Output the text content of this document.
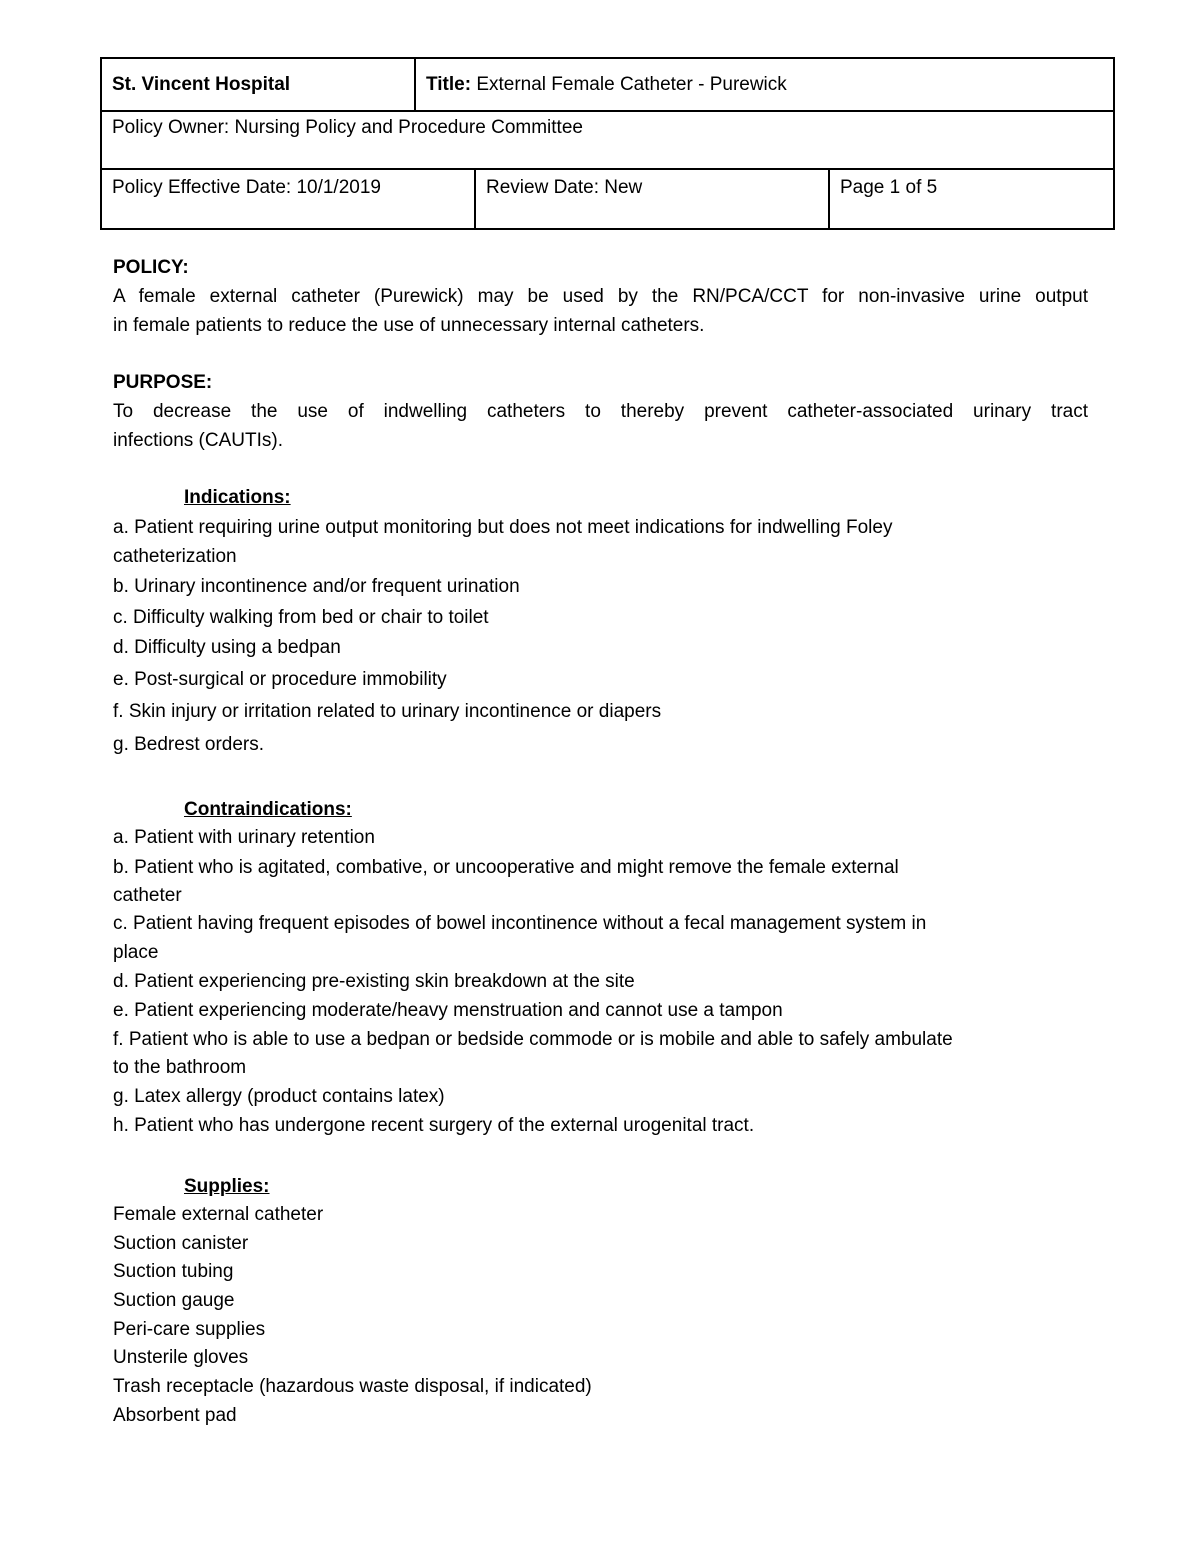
St. Vincent Hospital	Title: External Female Catheter - Purewick
Policy Owner: Nursing Policy and Procedure Committee
Policy Effective Date: 10/1/2019	Review Date: New	Page 1 of 5
POLICY:
A female external catheter (Purewick) may be used by the RN/PCA/CCT for non-invasive urine output
in female patients to reduce the use of unnecessary internal catheters.
PURPOSE:
To decrease the use of indwelling catheters to thereby prevent catheter-associated urinary tract
infections (CAUTIs).
Indications:
a. Patient requiring urine output monitoring but does not meet indications for indwelling Foley
catheterization
b. Urinary incontinence and/or frequent urination
c. Difficulty walking from bed or chair to toilet
d. Difficulty using a bedpan
e. Post-surgical or procedure immobility
f. Skin injury or irritation related to urinary incontinence or diapers
g. Bedrest orders.
Contraindications:
a. Patient with urinary retention
b. Patient who is agitated, combative, or uncooperative and might remove the female external
catheter
c. Patient having frequent episodes of bowel incontinence without a fecal management system in
place
d. Patient experiencing pre-existing skin breakdown at the site
e. Patient experiencing moderate/heavy menstruation and cannot use a tampon
f. Patient who is able to use a bedpan or bedside commode or is mobile and able to safely ambulate
to the bathroom
g. Latex allergy (product contains latex)
h. Patient who has undergone recent surgery of the external urogenital tract.
Supplies:
Female external catheter
Suction canister
Suction tubing
Suction gauge
Peri-care supplies
Unsterile gloves
Trash receptacle (hazardous waste disposal, if indicated)
Absorbent pad
